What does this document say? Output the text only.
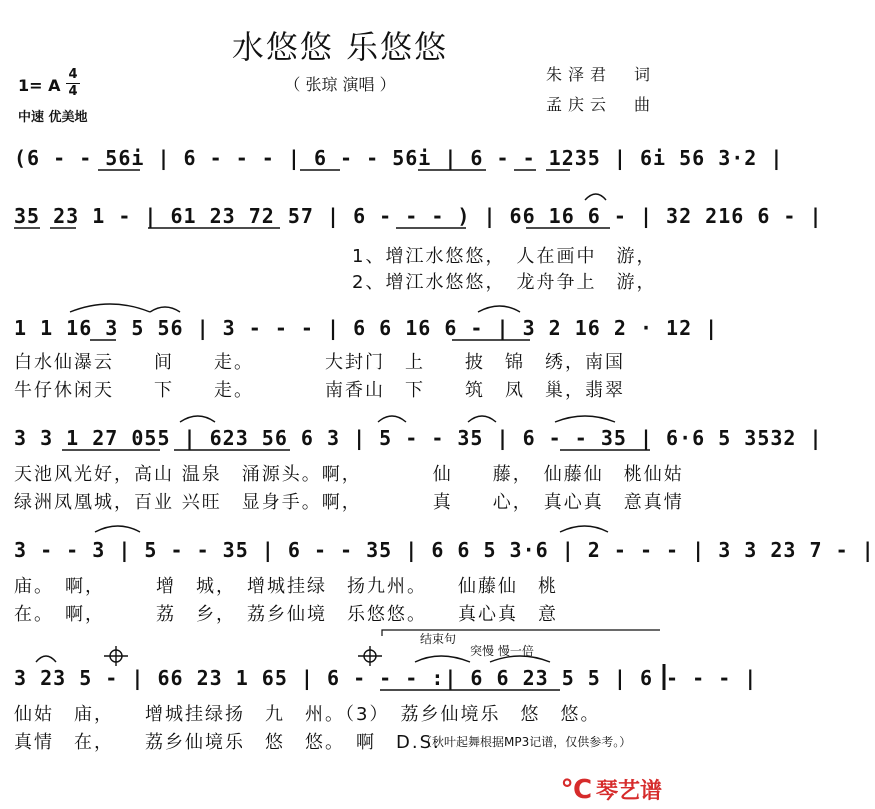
水悠悠 乐悠悠
（ 张琼 演唱 ）
朱泽君　词
孟庆云　曲
1= A
4
4
中速 优美地
(6 - - 56i | 6 - - - | 6 - - 56i | 6 - - 1235 | 6i 56 3·2 |
35 23 1 - | 61 23 72 57 | 6 - - - ) | 66 16 6 - | 32 216 6 - |
1、增江水悠悠，　人在画中　游，
2、增江水悠悠，　龙舟争上　游，
1 1 16 3 5 56 | 3 - - - | 6 6 16 6 - | 3 2 16 2 · 12 |
白水仙瀑云　　间　　走。　　　　大封门　上　　披　锦　绣，南国
牛仔休闲天　　下　　走。　　　　南香山　下　　筑　凤　巢，翡翠
3 3 1 27 055 | 623 56 6 3 | 5 - - 35 | 6 - - 35 | 6·6 5 3532 |
天池风光好，高山 温泉　涌源头。啊，　　　　仙　　藤，　仙藤仙　桃仙姑
绿洲凤凰城，百业 兴旺　显身手。啊，　　　　真　　心，　真心真　意真情
3 - - 3 | 5 - - 35 | 6 - - 35 | 6 6 5 3·6 | 2 - - - | 3 3 23 7 - |
庙。　啊，　　　增　城，　增城挂绿　扬九州。　　仙藤仙　桃
在。　啊，　　　荔　乡，　荔乡仙境　乐悠悠。　　真心真　意
结束句
突慢 慢一倍
3 23 5 - | 66 23 1 65 | 6 - - - :| 6 6 23 5 5 | 6 - - - |
仙姑　庙，　　增城挂绿扬　九　州。（3）　荔乡仙境乐　悠　悠。
真情　在，　　荔乡仙境乐　悠　悠。　啊　D.S.
（秋叶起舞根据MP3记谱，仅供参考。）
℃ 琴艺谱
